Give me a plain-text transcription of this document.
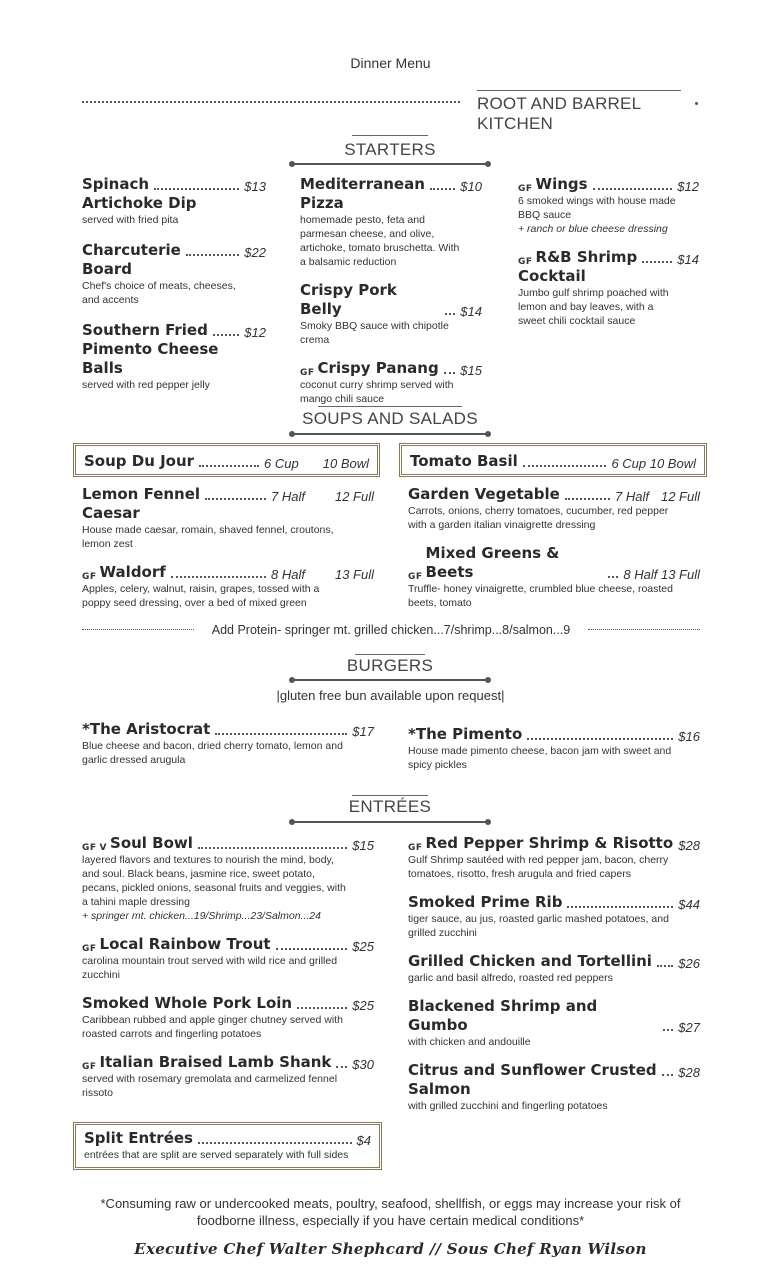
Dinner Menu
ROOT AND BARREL KITCHEN
STARTERS
Spinach	$13
Artichoke Dip
served with fried pita
Charcuterie	$22
Board
Chef's choice of meats, cheeses, and accents
Southern Fried	$12
Pimento Cheese Balls
served with red pepper jelly
Mediterranean	$10
Pizza
homemade pesto, feta and parmesan cheese, and olive, artichoke, tomato bruschetta. With a balsamic reduction
Crispy Pork Belly	$14
Smoky BBQ sauce with chipotle crema
GF Crispy Panang $15
coconut curry shrimp served with mango chili sauce
GF Wings	$12
6 smoked wings with house made BBQ sauce
+ ranch or blue cheese dressing
GF R&B Shrimp	$14
Cocktail
Jumbo gulf shrimp poached with lemon and bay leaves, with a sweet chili cocktail sauce
SOUPS AND SALADS
Soup Du Jour	6 Cup 10 Bowl	Tomato Basil	6 Cup 10 Bowl
Lemon Fennel	7 Half 12 Full
Caesar
House made caesar, romain, shaved fennel, croutons, lemon zest
GF Waldorf	8 Half 13 Full
Apples, celery, walnut, raisin, grapes, tossed with a poppy seed dressing, over a bed of mixed green
Garden Vegetable	7 Half 12 Full
Carrots, onions, cherry tomatoes, cucumber, red pepper with a garden italian vinaigrette dressing
GF
Mixed Greens & Beets	8 Half 13 Full
Truffle- honey vinaigrette, crumbled blue cheese, roasted beets, tomato
Add Protein- springer mt. grilled chicken...7/shrimp...8/salmon...9
BURGERS
|gluten free bun available upon request|
*The Aristocrat	$17
Blue cheese and bacon, dried cherry tomato, lemon and garlic dressed arugula
*The Pimento	$16
House made pimento cheese, bacon jam with sweet and spicy pickles
ENTRÉES
GF V Soul Bowl	$15
layered flavors and textures to nourish the mind, body, and soul. Black beans, jasmine rice, sweet potato, pecans, pickled onions, seasonal fruits and veggies, with a tahini maple dressing
+ springer mt. chicken...19/Shrimp...23/Salmon...24
GF Local Rainbow Trout	$25
carolina mountain trout served with wild rice and grilled zucchini
Smoked Whole Pork Loin	$25
Caribbean rubbed and apple ginger chutney served with roasted carrots and fingerling potatoes
GF Italian Braised Lamb Shank $30
served with rosemary gremolata and carmelized fennel rissoto
GF Red Pepper Shrimp & Risotto $28
Gulf Shrimp sautéed with red pepper jam, bacon, cherry tomatoes, risotto, fresh arugula and fried capers
Smoked Prime Rib	$44
tiger sauce, au jus, roasted garlic mashed potatoes, and grilled zucchini
Grilled Chicken and Tortellini $26
garlic and basil alfredo, roasted red peppers
Blackened Shrimp and Gumbo	$27
with chicken and andouille
Citrus and Sunflower Crusted $28
Salmon
with grilled zucchini and fingerling potatoes
Split Entrées	$4
entrées that are split are served separately with full sides
*Consuming raw or undercooked meats, poultry, seafood, shellfish, or eggs may increase your risk of
foodborne illness, especially if you have certain medical conditions*
Executive Chef Walter Shephcard // Sous Chef Ryan Wilson
